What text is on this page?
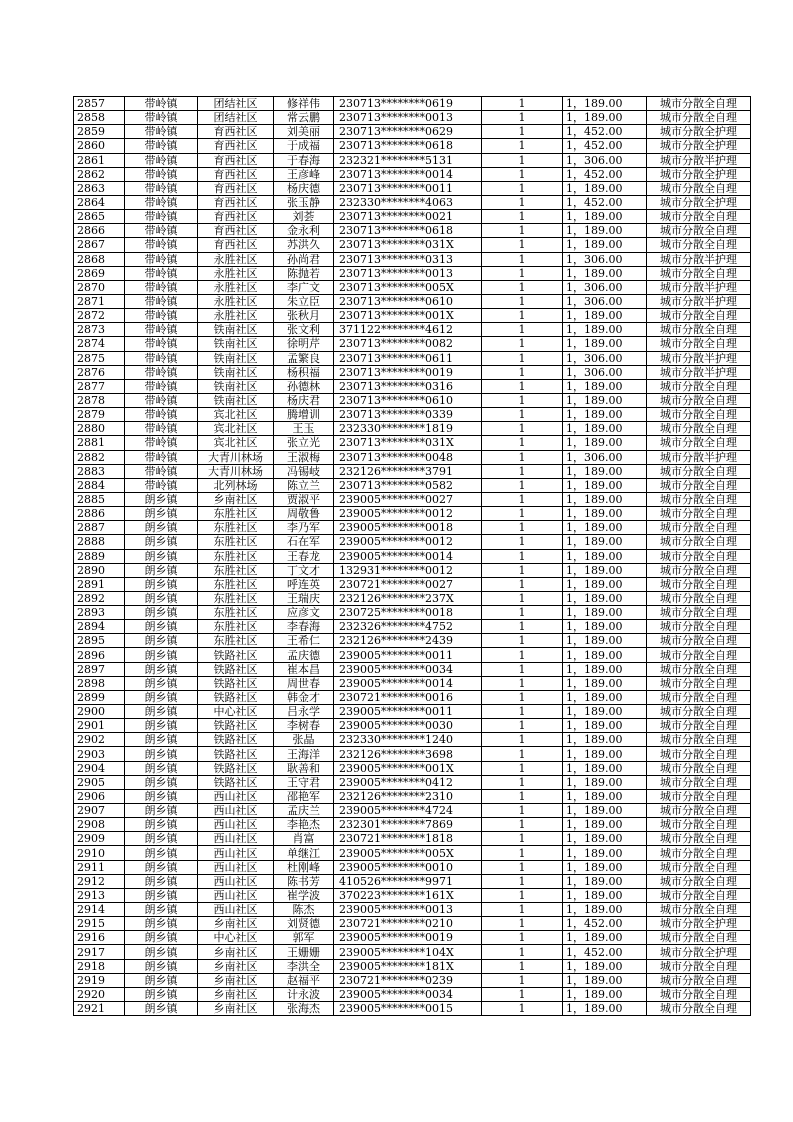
2857	带岭镇	团结社区	修祥伟	230713********0619	1	1，189.00	城市分散全自理
2858	带岭镇	团结社区	常云鹏	230713********0013	1	1，189.00	城市分散全自理
2859	带岭镇	育西社区	刘美丽	230713********0629	1	1，452.00	城市分散全护理
2860	带岭镇	育西社区	于成福	230713********0618	1	1，452.00	城市分散全护理
2861	带岭镇	育西社区	于春海	232321********5131	1	1，306.00	城市分散半护理
2862	带岭镇	育西社区	王彦峰	230713********0014	1	1，452.00	城市分散全护理
2863	带岭镇	育西社区	杨庆德	230713********0011	1	1，189.00	城市分散全自理
2864	带岭镇	育西社区	张玉静	232330********4063	1	1，452.00	城市分散全护理
2865	带岭镇	育西社区	刘荟	230713********0021	1	1，189.00	城市分散全自理
2866	带岭镇	育西社区	金永利	230713********0618	1	1，189.00	城市分散全自理
2867	带岭镇	育西社区	苏洪久	230713********031X	1	1，189.00	城市分散全自理
2868	带岭镇	永胜社区	孙尚君	230713********0313	1	1，306.00	城市分散半护理
2869	带岭镇	永胜社区	陈抛若	230713********0013	1	1，189.00	城市分散全自理
2870	带岭镇	永胜社区	李广文	230713********005X	1	1，306.00	城市分散半护理
2871	带岭镇	永胜社区	朱立臣	230713********0610	1	1，306.00	城市分散半护理
2872	带岭镇	永胜社区	张秋月	230713********001X	1	1，189.00	城市分散全自理
2873	带岭镇	铁南社区	张文利	371122********4612	1	1，189.00	城市分散全自理
2874	带岭镇	铁南社区	徐明芹	230713********0082	1	1，189.00	城市分散全自理
2875	带岭镇	铁南社区	孟繁良	230713********0611	1	1，306.00	城市分散半护理
2876	带岭镇	铁南社区	杨积福	230713********0019	1	1，306.00	城市分散半护理
2877	带岭镇	铁南社区	孙德林	230713********0316	1	1，189.00	城市分散全自理
2878	带岭镇	铁南社区	杨庆君	230713********0610	1	1，189.00	城市分散全自理
2879	带岭镇	宾北社区	腾增训	230713********0339	1	1，189.00	城市分散全自理
2880	带岭镇	宾北社区	王玉	232330********1819	1	1，189.00	城市分散全自理
2881	带岭镇	宾北社区	张立光	230713********031X	1	1，189.00	城市分散全自理
2882	带岭镇	大青川林场	王淑梅	230713********0048	1	1，306.00	城市分散半护理
2883	带岭镇	大青川林场	冯锡岐	232126********3791	1	1，189.00	城市分散全自理
2884	带岭镇	北列林场	陈立兰	230713********0582	1	1，189.00	城市分散全自理
2885	朗乡镇	乡南社区	贾淑平	239005********0027	1	1，189.00	城市分散全自理
2886	朗乡镇	东胜社区	周敬鲁	239005********0012	1	1，189.00	城市分散全自理
2887	朗乡镇	东胜社区	李乃军	239005********0018	1	1，189.00	城市分散全自理
2888	朗乡镇	东胜社区	石在军	239005********0012	1	1，189.00	城市分散全自理
2889	朗乡镇	东胜社区	王春龙	239005********0014	1	1，189.00	城市分散全自理
2890	朗乡镇	东胜社区	丁文才	132931********0012	1	1，189.00	城市分散全自理
2891	朗乡镇	东胜社区	呼连英	230721********0027	1	1，189.00	城市分散全自理
2892	朗乡镇	东胜社区	王瑞庆	232126********237X	1	1，189.00	城市分散全自理
2893	朗乡镇	东胜社区	应彦文	230725********0018	1	1，189.00	城市分散全自理
2894	朗乡镇	东胜社区	李春海	232326********4752	1	1，189.00	城市分散全自理
2895	朗乡镇	东胜社区	王希仁	232126********2439	1	1，189.00	城市分散全自理
2896	朗乡镇	铁路社区	孟庆德	239005********0011	1	1，189.00	城市分散全自理
2897	朗乡镇	铁路社区	崔本昌	239005********0034	1	1，189.00	城市分散全自理
2898	朗乡镇	铁路社区	周世春	239005********0014	1	1，189.00	城市分散全自理
2899	朗乡镇	铁路社区	韩金才	230721********0016	1	1，189.00	城市分散全自理
2900	朗乡镇	中心社区	吕永学	239005********0011	1	1，189.00	城市分散全自理
2901	朗乡镇	铁路社区	李树春	239005********0030	1	1，189.00	城市分散全自理
2902	朗乡镇	铁路社区	张晶	232330********1240	1	1，189.00	城市分散全自理
2903	朗乡镇	铁路社区	王海洋	232126********3698	1	1，189.00	城市分散全自理
2904	朗乡镇	铁路社区	耿善和	239005********001X	1	1，189.00	城市分散全自理
2905	朗乡镇	铁路社区	王守君	239005********0412	1	1，189.00	城市分散全自理
2906	朗乡镇	西山社区	邵艳军	232126********2310	1	1，189.00	城市分散全自理
2907	朗乡镇	西山社区	孟庆兰	239005********4724	1	1，189.00	城市分散全自理
2908	朗乡镇	西山社区	李艳杰	232301********7869	1	1，189.00	城市分散全自理
2909	朗乡镇	西山社区	肖富	230721********1818	1	1，189.00	城市分散全自理
2910	朗乡镇	西山社区	单继江	239005********005X	1	1，189.00	城市分散全自理
2911	朗乡镇	西山社区	杜刚峰	239005********0010	1	1，189.00	城市分散全自理
2912	朗乡镇	西山社区	陈书芳	410526********9971	1	1，189.00	城市分散全自理
2913	朗乡镇	西山社区	崔学波	370223********161X	1	1，189.00	城市分散全自理
2914	朗乡镇	西山社区	陈杰	239005********0013	1	1，189.00	城市分散全自理
2915	朗乡镇	乡南社区	刘贤德	230721********0210	1	1，452.00	城市分散全护理
2916	朗乡镇	中心社区	郭军	239005********0019	1	1，189.00	城市分散全自理
2917	朗乡镇	乡南社区	王姗姗	239005********104X	1	1，452.00	城市分散全护理
2918	朗乡镇	乡南社区	李洪全	239005********181X	1	1，189.00	城市分散全自理
2919	朗乡镇	乡南社区	赵福平	230721********0239	1	1，189.00	城市分散全自理
2920	朗乡镇	乡南社区	计永波	239005********0034	1	1，189.00	城市分散全自理
2921	朗乡镇	乡南社区	张海杰	239005********0015	1	1，189.00	城市分散全自理
